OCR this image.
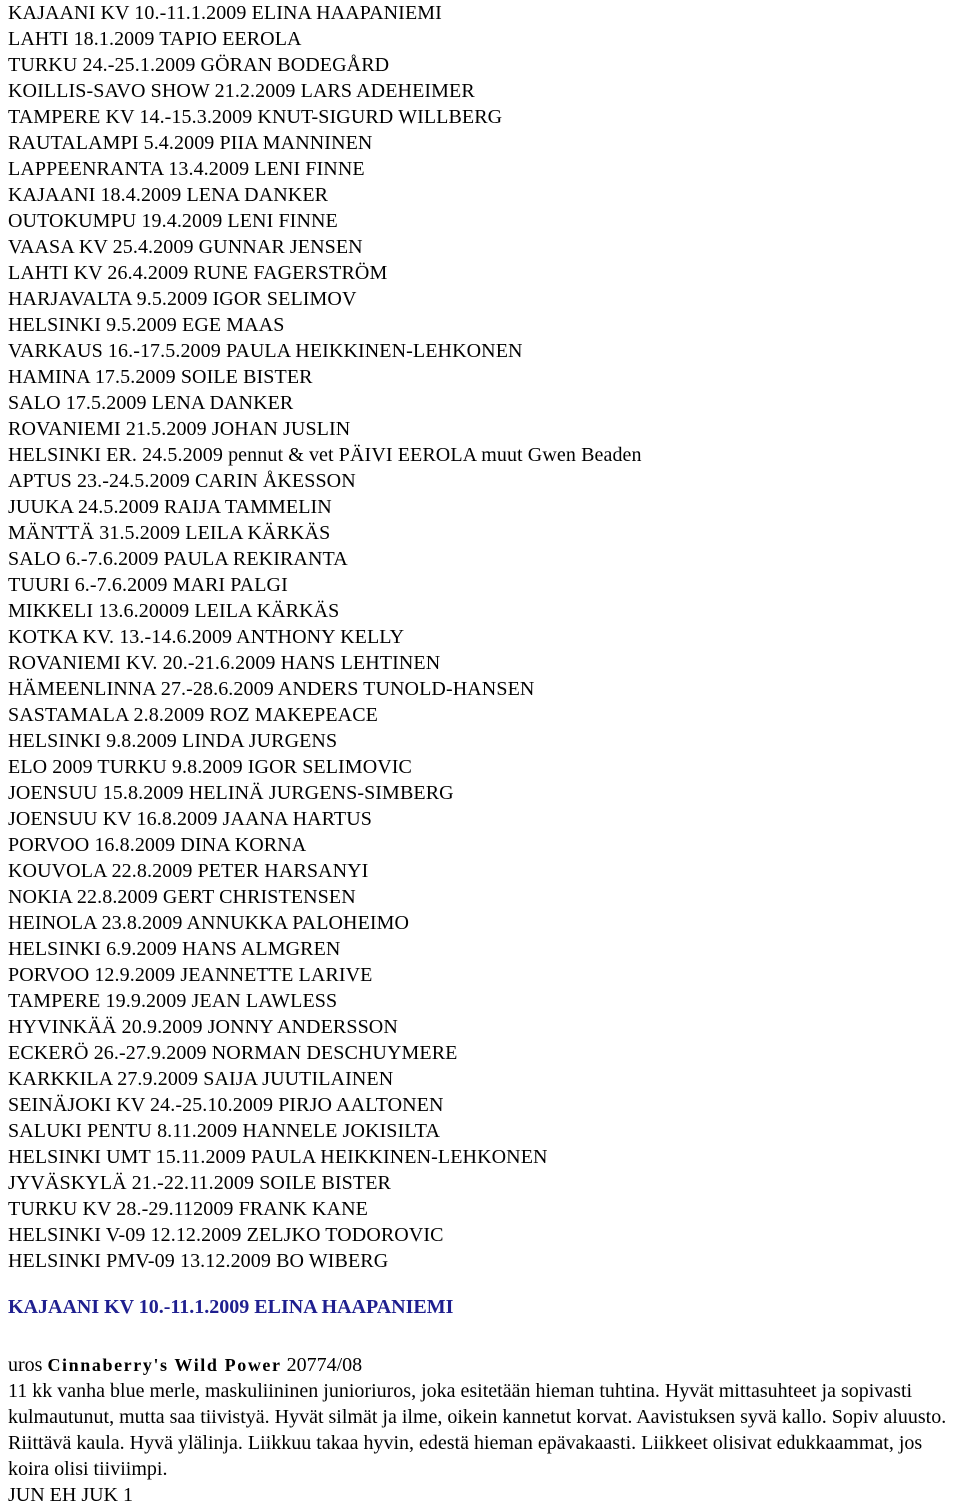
KAJAANI KV 10.-11.1.2009 ELINA HAAPANIEMI
LAHTI 18.1.2009 TAPIO EEROLA
TURKU 24.-25.1.2009 GÖRAN BODEGÅRD
KOILLIS-SAVO SHOW 21.2.2009 LARS ADEHEIMER
TAMPERE KV 14.-15.3.2009 KNUT-SIGURD WILLBERG
RAUTALAMPI 5.4.2009 PIIA MANNINEN
LAPPEENRANTA 13.4.2009 LENI FINNE
KAJAANI 18.4.2009 LENA DANKER
OUTOKUMPU 19.4.2009 LENI FINNE
VAASA KV 25.4.2009 GUNNAR JENSEN
LAHTI KV 26.4.2009 RUNE FAGERSTRÖM
HARJAVALTA 9.5.2009 IGOR SELIMOV
HELSINKI 9.5.2009 EGE MAAS
VARKAUS 16.-17.5.2009 PAULA HEIKKINEN-LEHKONEN
HAMINA 17.5.2009 SOILE BISTER
SALO 17.5.2009 LENA DANKER
ROVANIEMI 21.5.2009 JOHAN JUSLIN
HELSINKI ER. 24.5.2009 pennut & vet PÄIVI EEROLA muut Gwen Beaden
APTUS 23.-24.5.2009 CARIN ÅKESSON
JUUKA 24.5.2009 RAIJA TAMMELIN
MÄNTTÄ 31.5.2009 LEILA KÄRKÄS
SALO 6.-7.6.2009 PAULA REKIRANTA
TUURI 6.-7.6.2009 MARI PALGI
MIKKELI 13.6.20009 LEILA KÄRKÄS
KOTKA KV. 13.-14.6.2009 ANTHONY KELLY
ROVANIEMI KV. 20.-21.6.2009 HANS LEHTINEN
HÄMEENLINNA 27.-28.6.2009 ANDERS TUNOLD-HANSEN
SASTAMALA 2.8.2009 ROZ MAKEPEACE
HELSINKI 9.8.2009 LINDA JURGENS
ELO 2009 TURKU 9.8.2009 IGOR SELIMOVIC
JOENSUU 15.8.2009 HELINÄ JURGENS-SIMBERG
JOENSUU KV 16.8.2009 JAANA HARTUS
PORVOO 16.8.2009 DINA KORNA
KOUVOLA 22.8.2009 PETER HARSANYI
NOKIA 22.8.2009 GERT CHRISTENSEN
HEINOLA 23.8.2009 ANNUKKA PALOHEIMO
HELSINKI 6.9.2009 HANS ALMGREN
PORVOO 12.9.2009 JEANNETTE LARIVE
TAMPERE 19.9.2009 JEAN LAWLESS
HYVINKÄÄ 20.9.2009 JONNY ANDERSSON
ECKERÖ 26.-27.9.2009 NORMAN DESCHUYMERE
KARKKILA 27.9.2009 SAIJA JUUTILAINEN
SEINÄJOKI KV 24.-25.10.2009 PIRJO AALTONEN
SALUKI PENTU 8.11.2009 HANNELE JOKISILTA
HELSINKI UMT 15.11.2009 PAULA HEIKKINEN-LEHKONEN
JYVÄSKYLÄ 21.-22.11.2009 SOILE BISTER
TURKU KV 28.-29.112009 FRANK KANE
HELSINKI V-09 12.12.2009 ZELJKO TODOROVIC
HELSINKI PMV-09 13.12.2009 BO WIBERG
KAJAANI KV 10.-11.1.2009 ELINA HAAPANIEMI
uros Cinnaberry's Wild Power 20774/08

11 kk vanha blue merle, maskuliininen junioriuros, joka esitetään hieman tuhtina. Hyvät mittasuhteet ja sopivasti kulmautunut, mutta saa tiivistyä. Hyvät silmät ja ilme, oikein kannetut korvat. Aavistuksen syvä kallo. Sopiv aluusto. Riittävä kaula. Hyvä ylälinja. Liikkuu takaa hyvin, edestä hieman epävakaasti. Liikkeet olisivat edukkaammat, jos koira olisi tiiviimpi.

JUN EH JUK 1
